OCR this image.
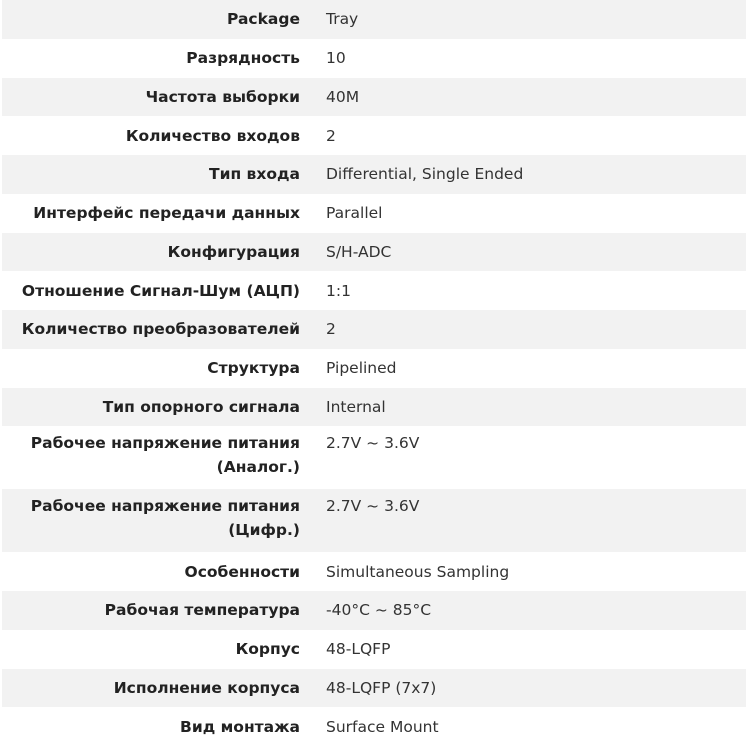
Package	Tray
Разрядность	10
Частота выборки	40M
Количество входов	2
Тип входа	Differential, Single Ended
Интерфейс передачи данных	Parallel
Конфигурация	S/H-ADC
Отношение Сигнал-Шум (АЦП)	1:1
Количество преобразователей	2
Структура	Pipelined
Тип опорного сигнала	Internal
Рабочее напряжение питания (Аналог.)	2.7V ~ 3.6V
Рабочее напряжение питания (Цифр.)	2.7V ~ 3.6V
Особенности	Simultaneous Sampling
Рабочая температура	-40°C ~ 85°C
Корпус	48-LQFP
Исполнение корпуса	48-LQFP (7x7)
Вид монтажа	Surface Mount
